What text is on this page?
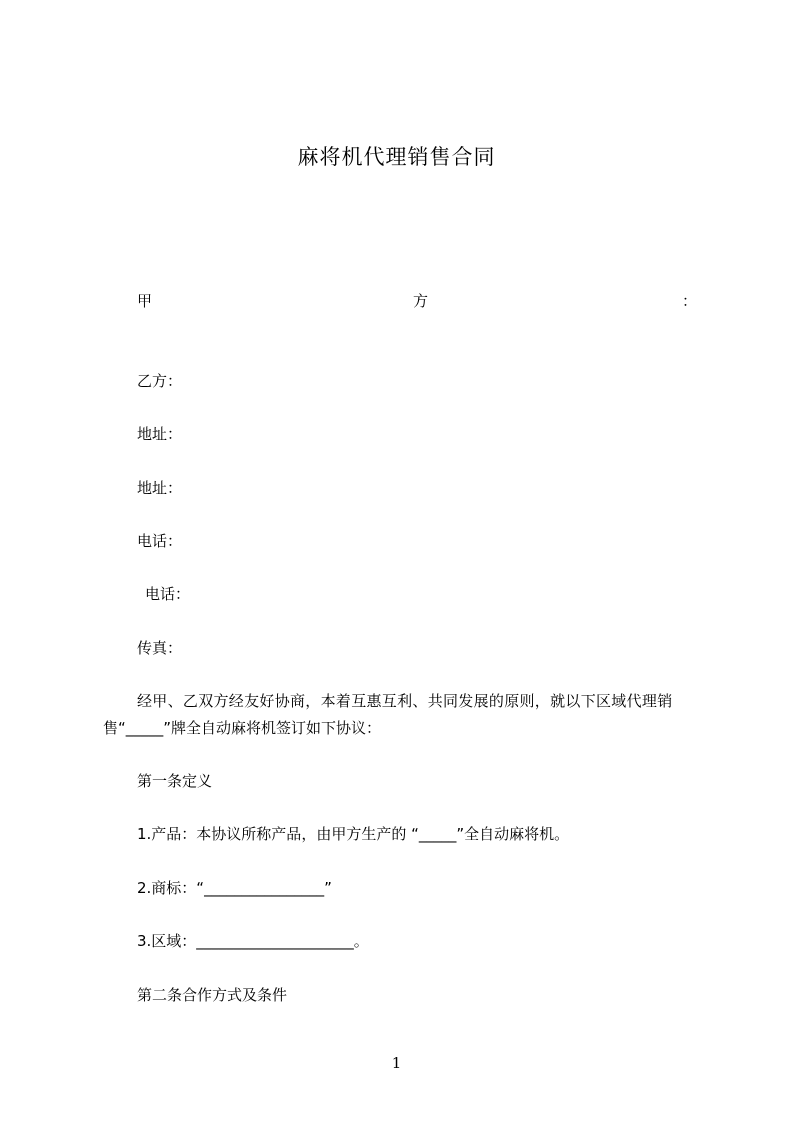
麻将机代理销售合同
甲	方	：
乙方：
地址：
地址：
电话：
电话：
传真：
经甲、乙双方经友好协商，本着互惠互利、共同发展的原则，就以下区域代理销
售“_____”牌全自动麻将机签订如下协议：
第一条定义
1.产品：本协议所称产品，由甲方生产的 “_____”全自动麻将机。
2.商标：“________________”
3.区域：_____________________。
第二条合作方式及条件
1
